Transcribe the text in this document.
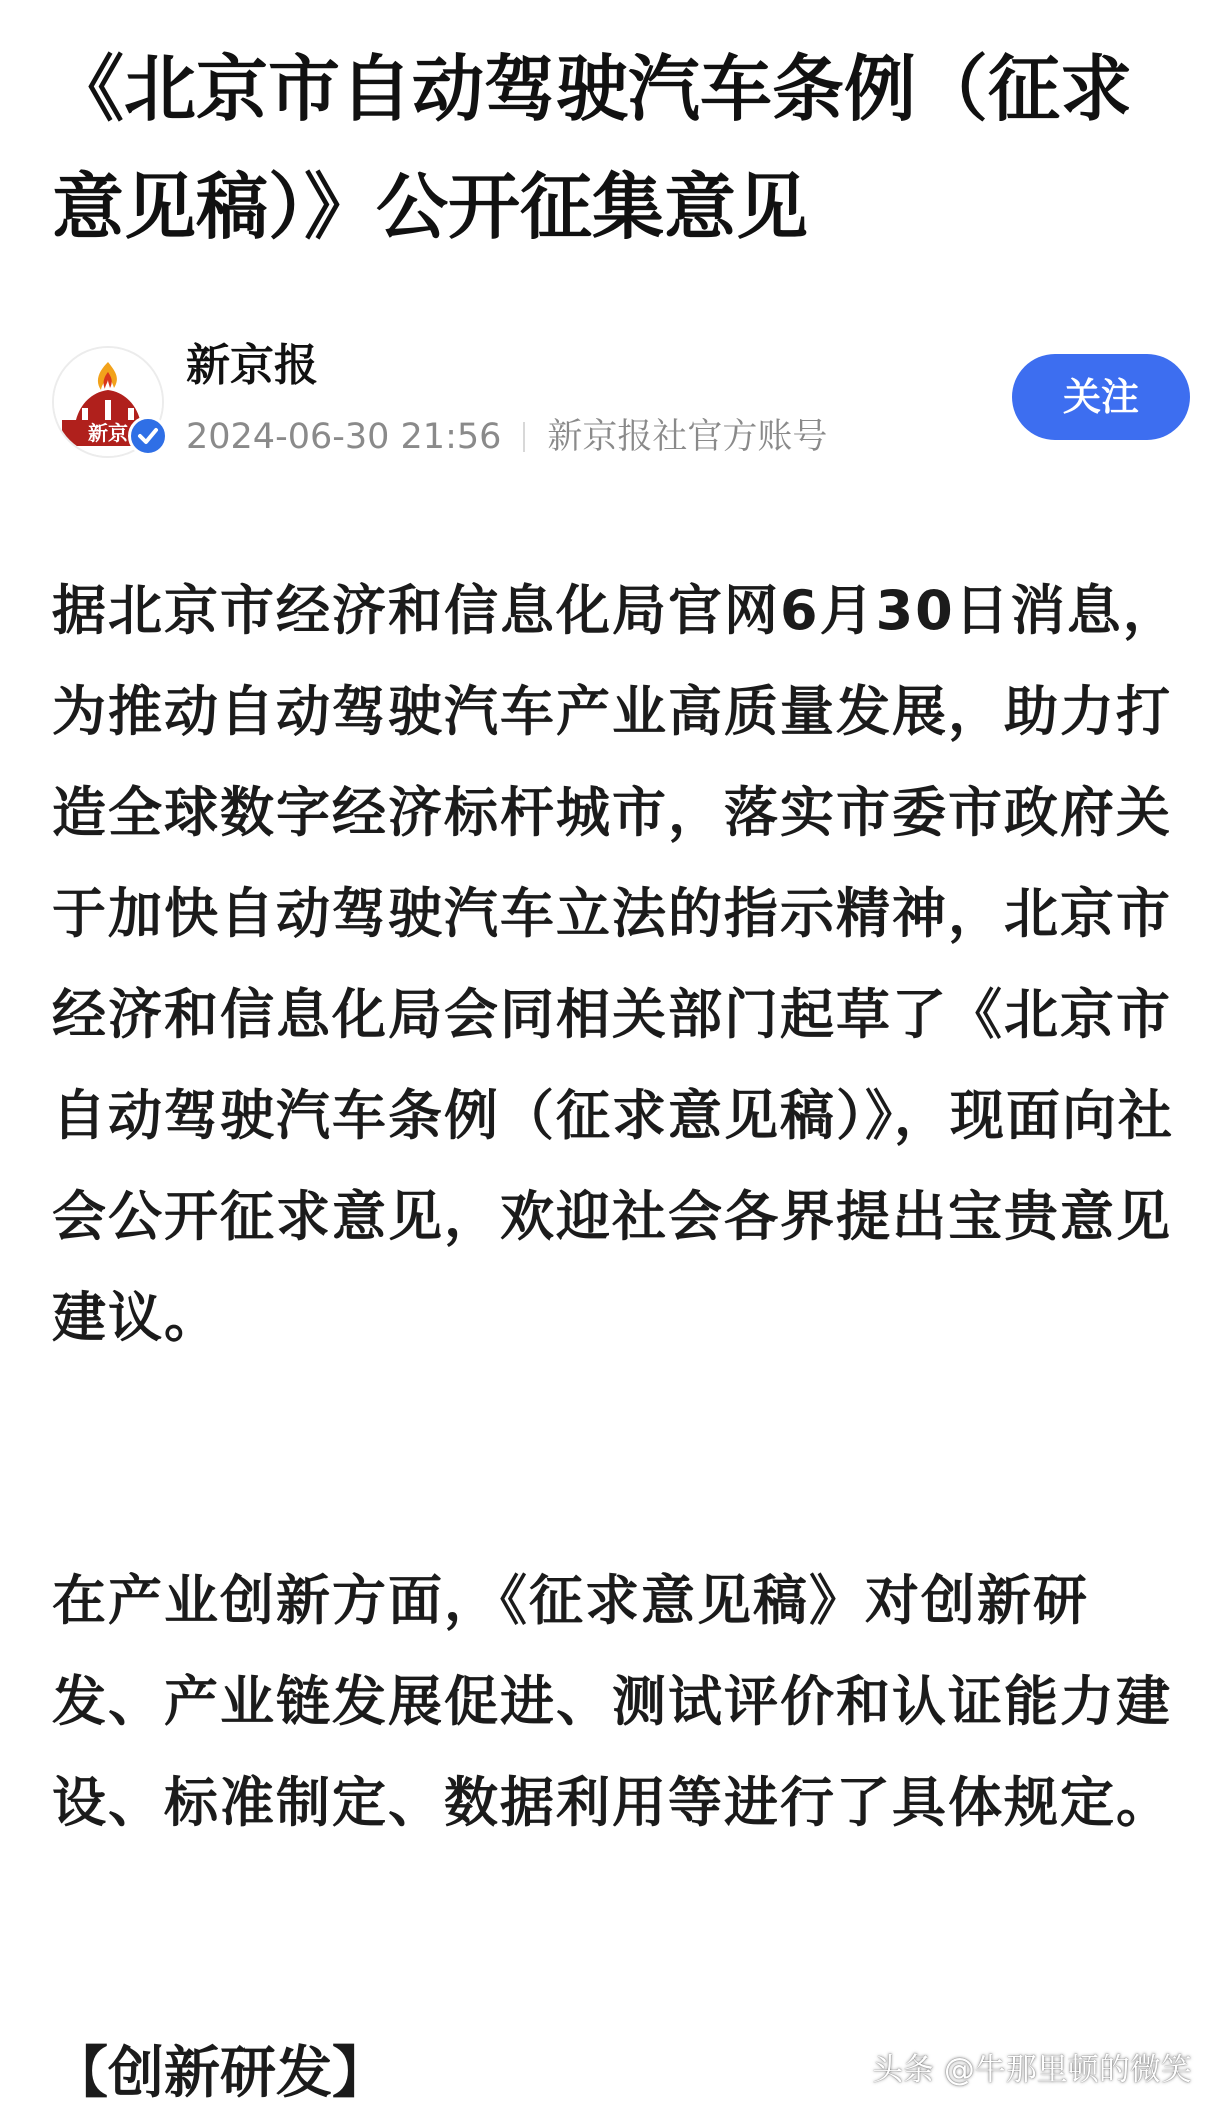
《北京市自动驾驶汽车条例（征求意见稿）》公开征集意见
新京
新京报
2024-06-30 21:56 新京报社官方账号
关注

据北京市经济和信息化局官网6月30日消息，为推动自动驾驶汽车产业高质量发展，助力打造全球数字经济标杆城市，落实市委市政府关于加快自动驾驶汽车立法的指示精神，北京市经济和信息化局会同相关部门起草了《北京市自动驾驶汽车条例（征求意见稿）》，现面向社会公开征求意见，欢迎社会各界提出宝贵意见建议。

在产业创新方面，《征求意见稿》对创新研发、产业链发展促进、测试评价和认证能力建设、标准制定、数据利用等进行了具体规定。

【创新研发】	头条 @牛那里顿的微笑
